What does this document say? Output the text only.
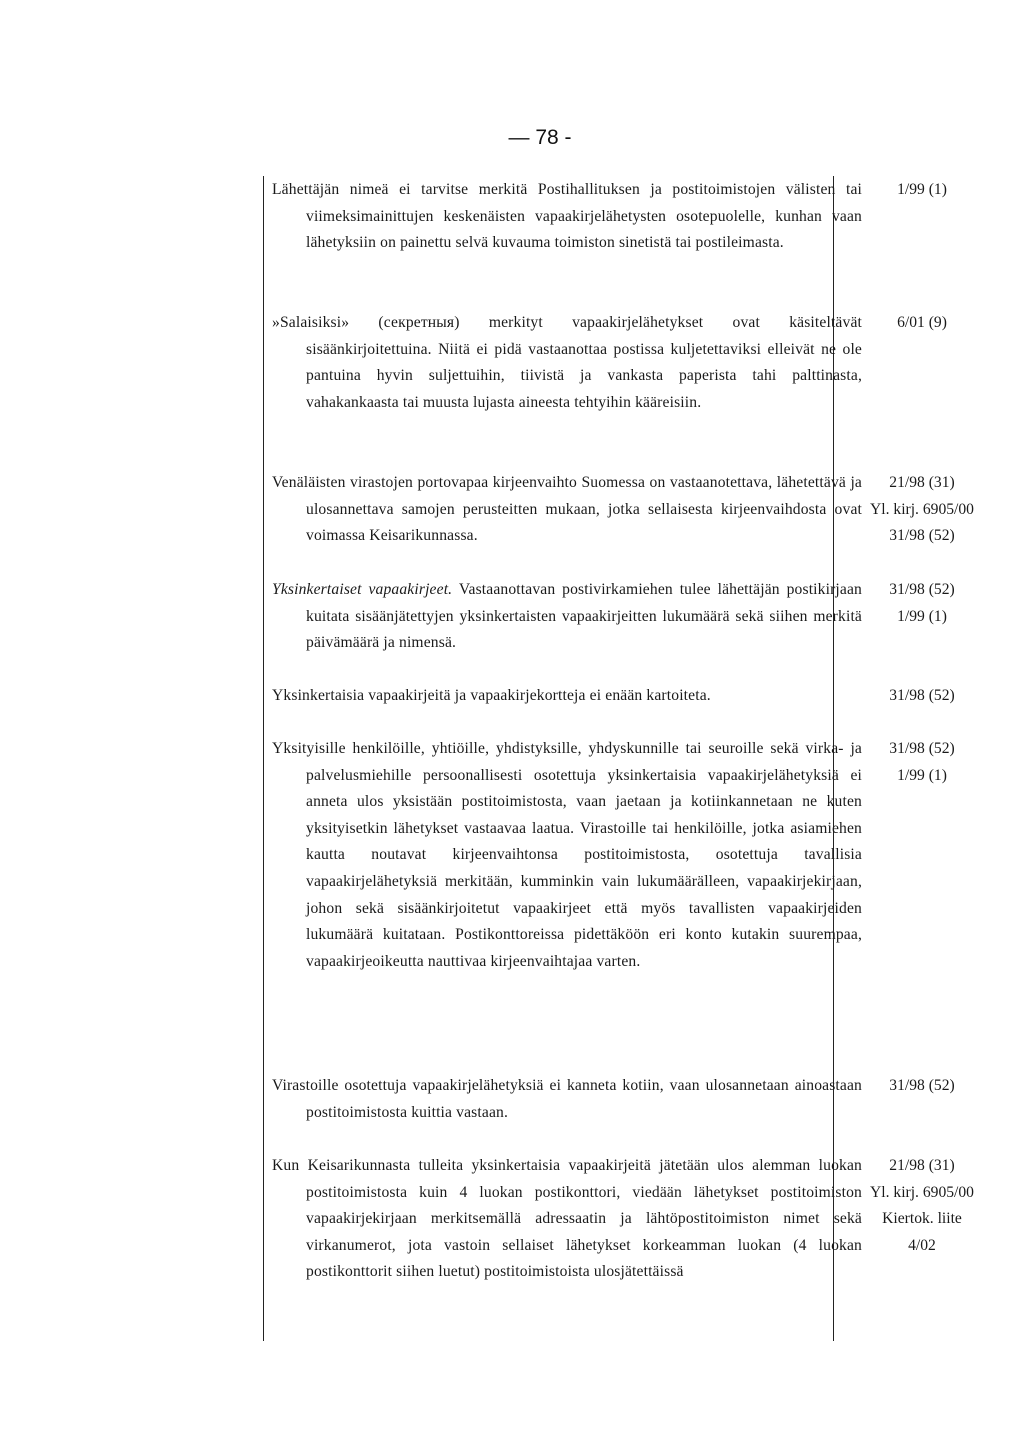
— 78 -
Lähettäjän nimeä ei tarvitse merkitä Postihallituksen ja postitoimistojen välisten tai viimeksimainittujen keskenäisten vapaakirjelähetysten osotepuolelle, kunhan vaan lähetyksiin on painettu selvä kuvauma toimiston sinetistä tai postileimasta.
1/99 (1)
»Salaisiksi» (секретныя) merkityt vapaakirjelähetykset ovat käsiteltävät sisäänkirjoitettuina. Niitä ei pidä vastaanottaa postissa kuljetettaviksi elleivät ne ole pantuina hyvin suljettuihin, tiivistä ja vankasta paperista tahi palttinasta, vahakankaasta tai muusta lujasta aineesta tehtyihin kääreisiin.
6/01 (9)
Venäläisten virastojen portovapaa kirjeenvaihto Suomessa on vastaanotettava, lähetettävä ja ulosannettava samojen perusteitten mukaan, jotka sellaisesta kirjeenvaihdosta ovat voimassa Keisarikunnassa.
21/98 (31)
Yl. kirj. 6905/00
31/98 (52)
Yksinkertaiset vapaakirjeet. Vastaanottavan postivirkamiehen tulee lähettäjän postikirjaan kuitata sisäänjätettyjen yksinkertaisten vapaakirjeitten lukumäärä sekä siihen merkitä päivämäärä ja nimensä.
31/98 (52)
1/99 (1)
Yksinkertaisia vapaakirjeitä ja vapaakirjekortteja ei enään kartoiteta.	31/98 (52)
Yksityisille henkilöille, yhtiöille, yhdistyksille, yhdyskunnille tai seuroille sekä virka- ja palvelusmiehille persoonallisesti osotettuja yksinkertaisia vapaakirjelähetyksiä ei anneta ulos yksistään postitoimistosta, vaan jaetaan ja kotiinkannetaan ne kuten yksityisetkin lähetykset vastaavaa laatua. Virastoille tai henkilöille, jotka asiamiehen kautta noutavat kirjeenvaihtonsa postitoimistosta, osotettuja tavallisia vapaakirjelähetyksiä merkitään, kumminkin vain lukumäärälleen, vapaakirjekirjaan, johon sekä sisäänkirjoitetut vapaakirjeet että myös tavallisten vapaakirjeiden lukumäärä kuitataan. Postikonttoreissa pidettäköön eri konto kutakin suurempaa, vapaakirjeoikeutta nauttivaa kirjeenvaihtajaa varten.
31/98 (52)
1/99 (1)
Virastoille osotettuja vapaakirjelähetyksiä ei kanneta kotiin, vaan ulosannetaan ainoastaan postitoimistosta kuittia vastaan.
31/98 (52)
Kun Keisarikunnasta tulleita yksinkertaisia vapaakirjeitä jätetään ulos alemman luokan postitoimistosta kuin 4 luokan postikonttori, viedään lähetykset postitoimiston vapaakirjekirjaan merkitsemällä adressaatin ja lähtöpostitoimiston nimet sekä virkanumerot, jota vastoin sellaiset lähetykset korkeamman luokan (4 luokan postikonttorit siihen luetut) postitoimistoista ulosjätettäissä
21/98 (31)
Yl. kirj. 6905/00
Kiertok. liite
4/02
